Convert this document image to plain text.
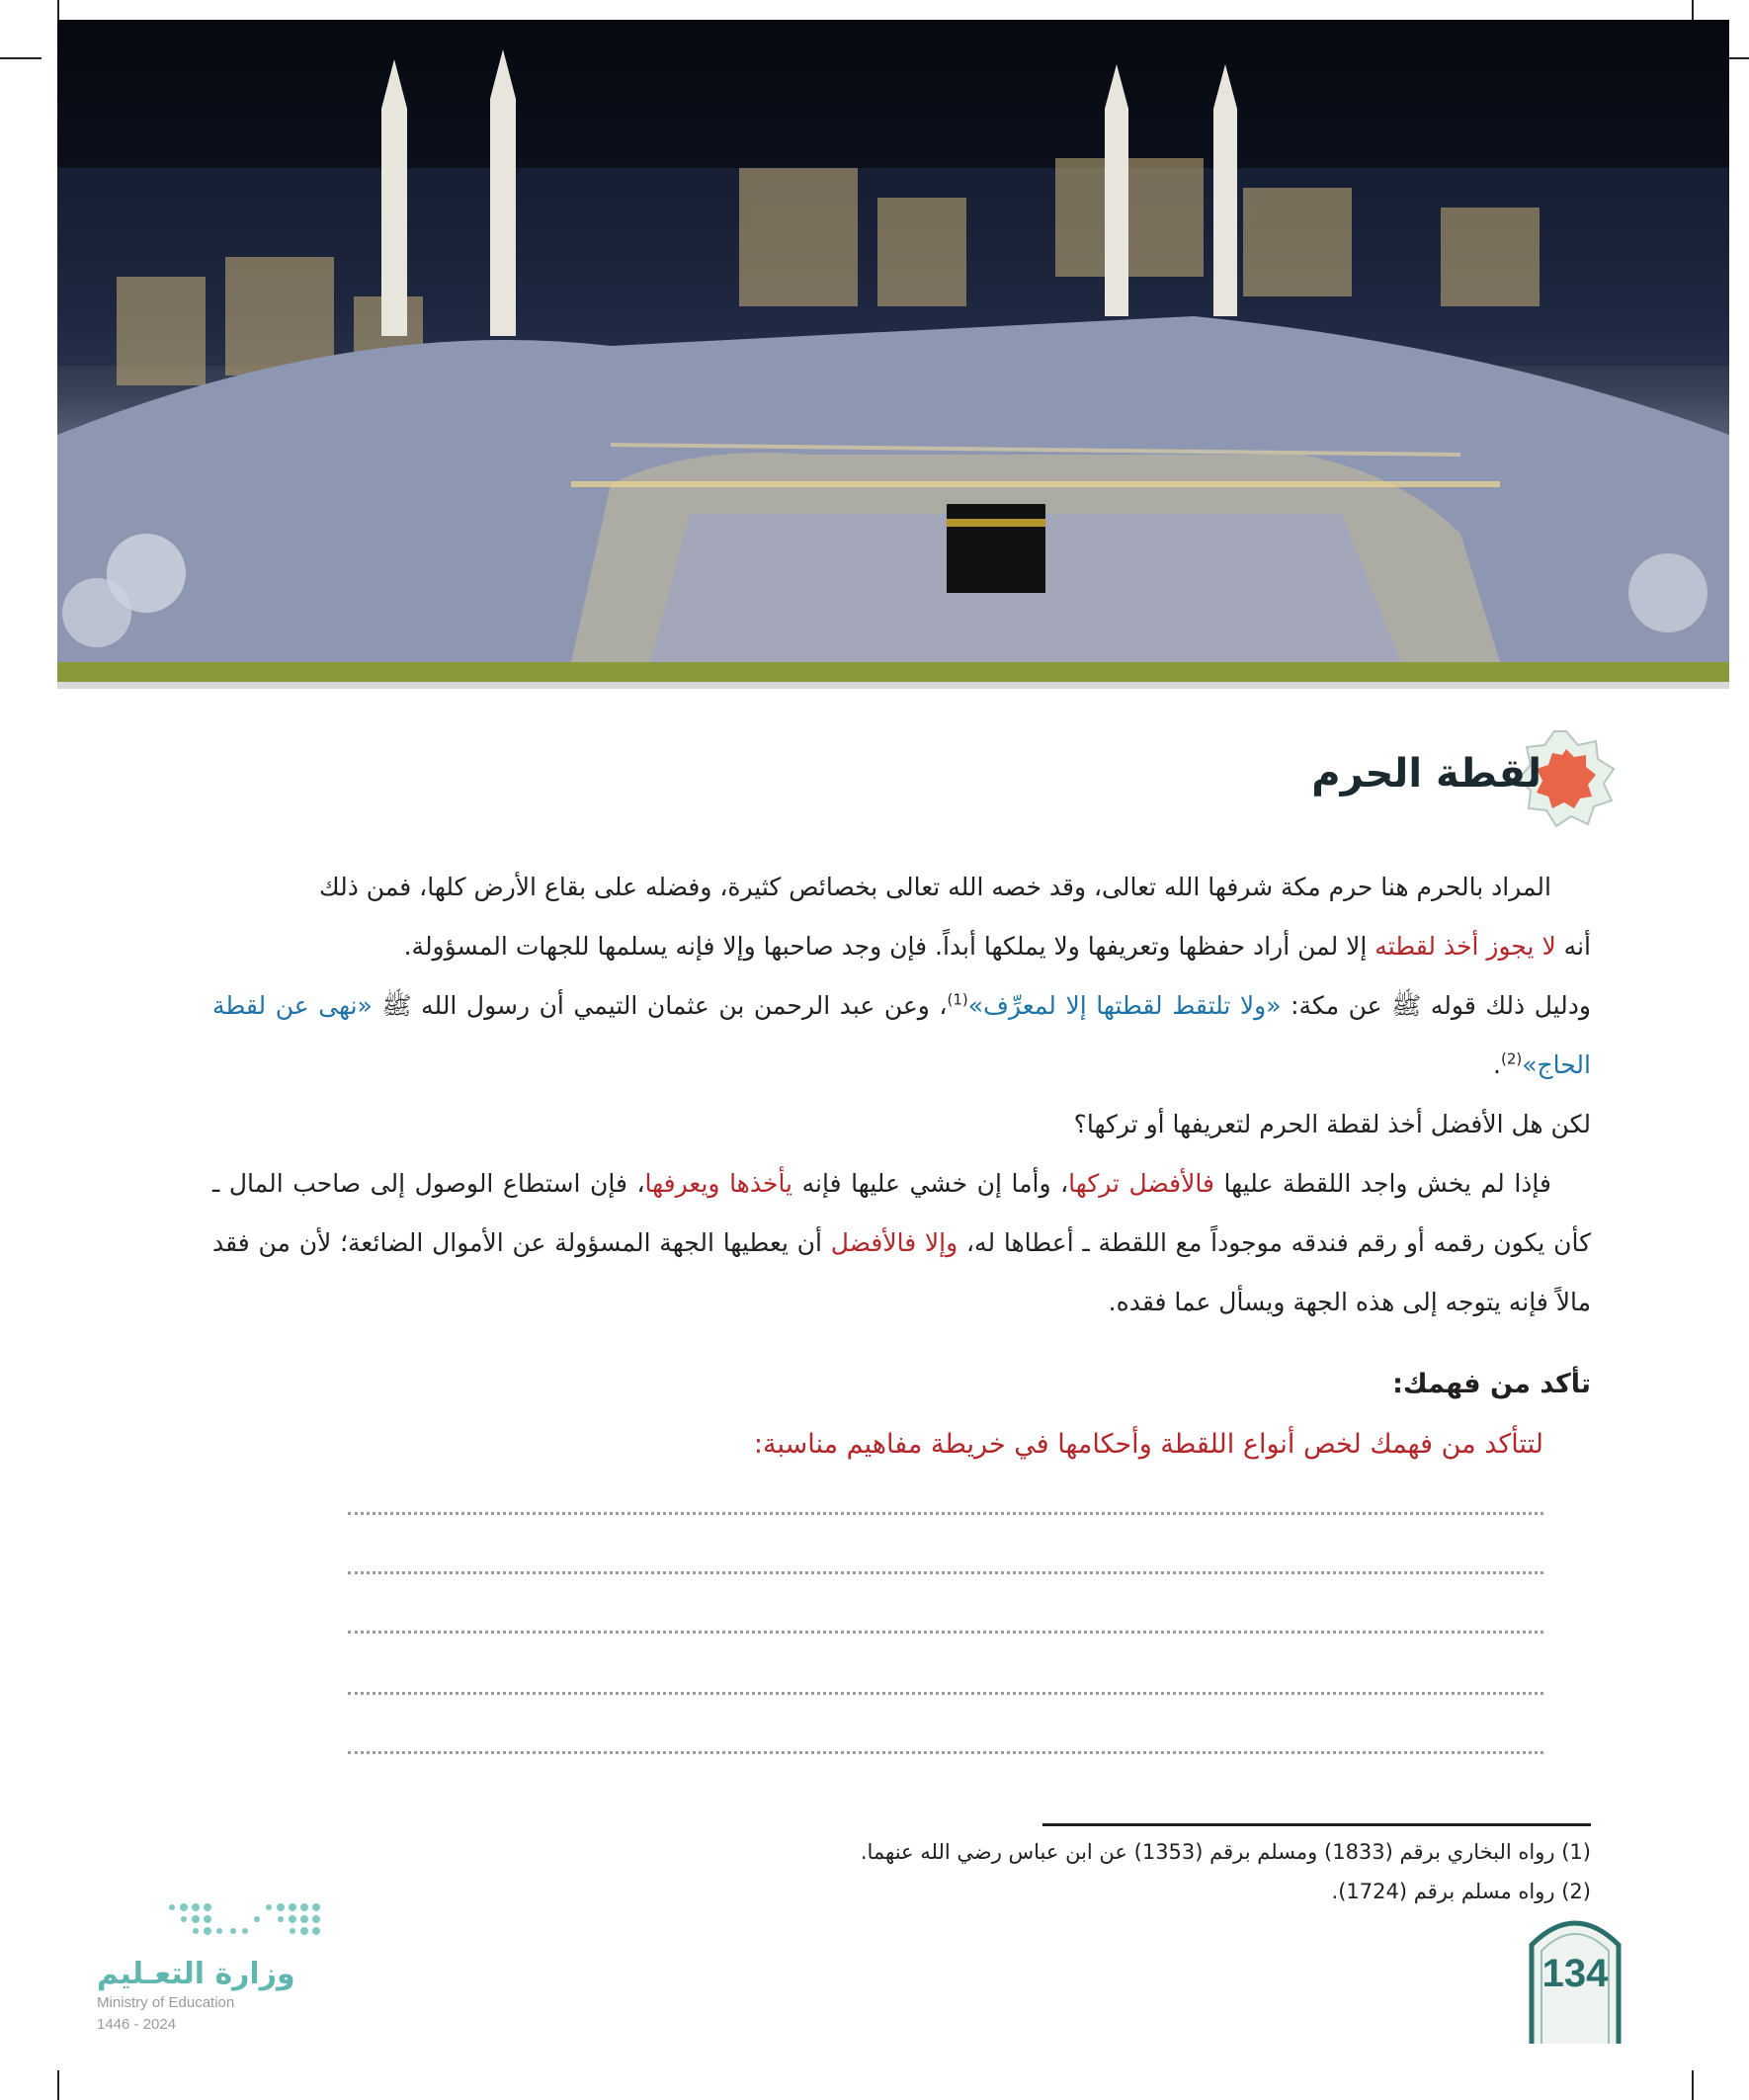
لقطة الحرم

المراد بالحرم هنا حرم مكة شرفها الله تعالى، وقد خصه الله تعالى بخصائص كثيرة، وفضله على بقاع الأرض كلها، فمن ذلك

أنه لا يجوز أخذ لقطته إلا لمن أراد حفظها وتعريفها ولا يملكها أبداً. فإن وجد صاحبها وإلا فإنه يسلمها للجهات المسؤولة.

ودليل ذلك قوله ﷺ عن مكة: «ولا تلتقط لقطتها إلا لمعرِّف»$^{(1)}$، وعن عبد الرحمن بن عثمان التيمي أن رسول الله ﷺ «نهى عن لقطة الحاج»$^{(2)}$.

لكن هل الأفضل أخذ لقطة الحرم لتعريفها أو تركها؟

فإذا لم يخش واجد اللقطة عليها فالأفضل تركها، وأما إن خشي عليها فإنه يأخذها ويعرفها، فإن استطاع الوصول إلى صاحب المال ـ كأن يكون رقمه أو رقم فندقه موجوداً مع اللقطة ـ أعطاها له، وإلا فالأفضل أن يعطيها الجهة المسؤولة عن الأموال الضائعة؛ لأن من فقد مالاً فإنه يتوجه إلى هذه الجهة ويسأل عما فقده.

تأكد من فهمك:
لتتأكد من فهمك لخص أنواع اللقطة وأحكامها في خريطة مفاهيم مناسبة:
(1) رواه البخاري برقم (1833) ومسلم برقم (1353) عن ابن عباس رضي الله عنهما.
(2) رواه مسلم برقم (1724).
وزارة التعـليم
Ministry of Education
2024 - 1446
134
